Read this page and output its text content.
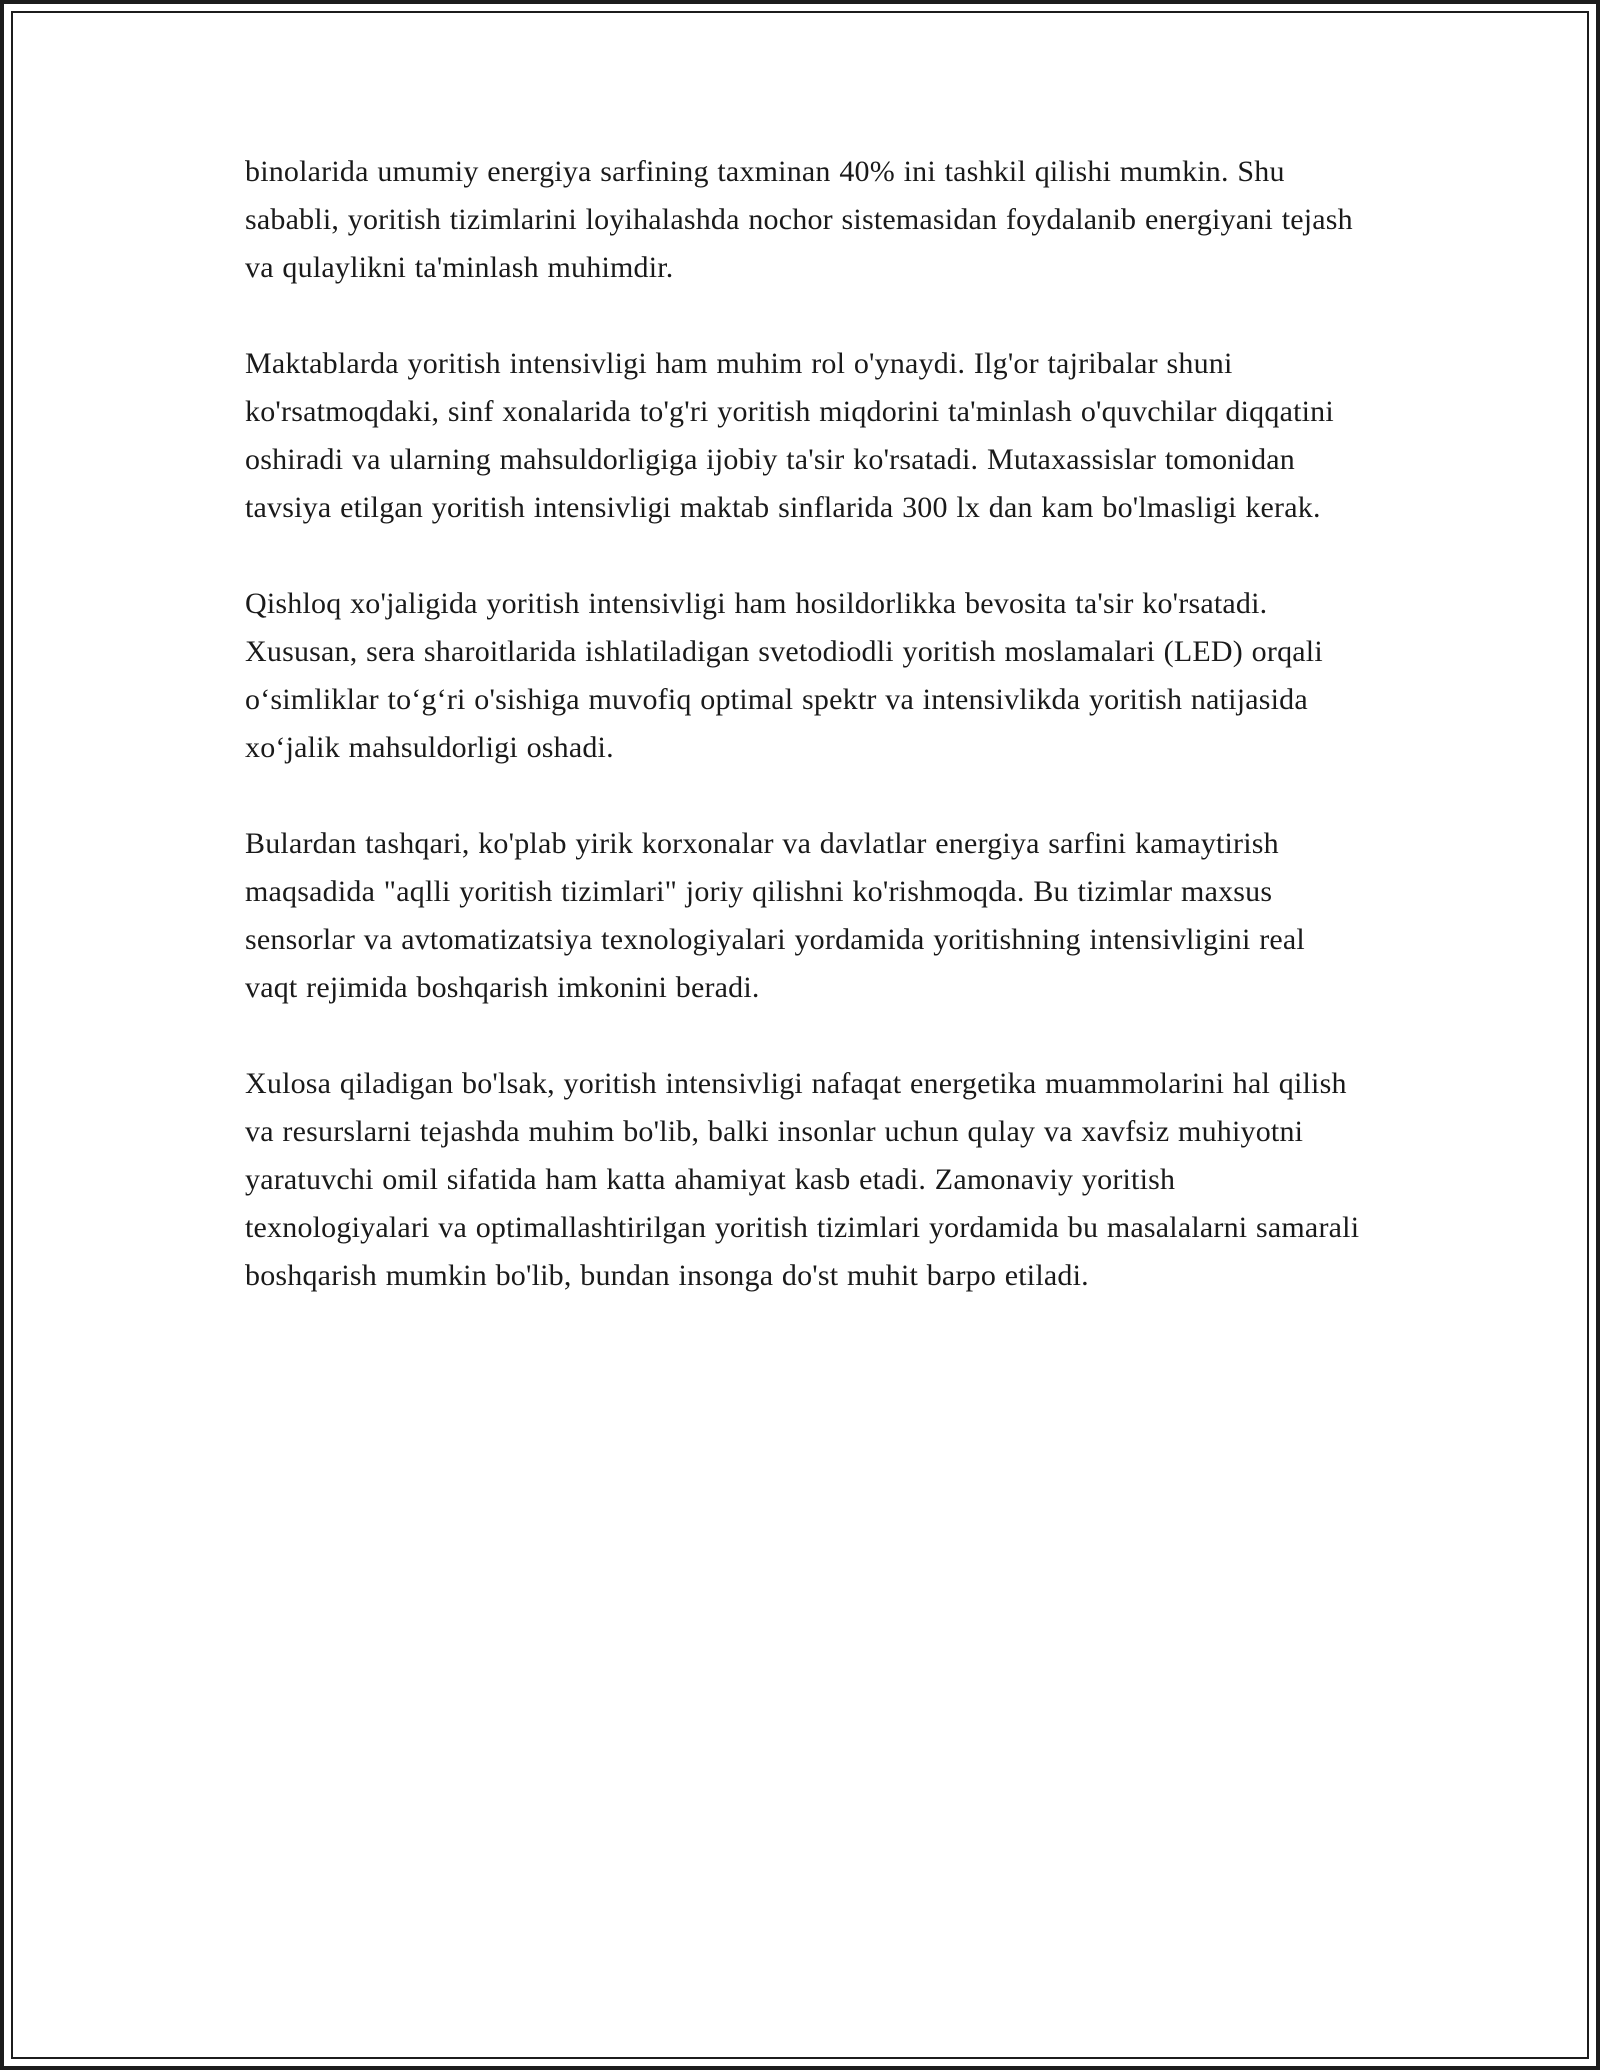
binolarida umumiy energiya sarfining taxminan 40% ini tashkil qilishi mumkin. Shu sababli, yoritish tizimlarini loyihalashda nochor sistemasidan foydalanib energiyani tejash va qulaylikni ta'minlash muhimdir.

Maktablarda yoritish intensivligi ham muhim rol o'ynaydi. Ilg'or tajribalar shuni ko'rsatmoqdaki, sinf xonalarida to'g'ri yoritish miqdorini ta'minlash o'quvchilar diqqatini oshiradi va ularning mahsuldorligiga ijobiy ta'sir ko'rsatadi. Mutaxassislar tomonidan tavsiya etilgan yoritish intensivligi maktab sinflarida 300 lx dan kam bo'lmasligi kerak.

Qishloq xo'jaligida yoritish intensivligi ham hosildorlikka bevosita ta'sir ko'rsatadi. Xususan, sera sharoitlarida ishlatiladigan svetodiodli yoritish moslamalari (LED) orqali oʻsimliklar toʻgʻri o'sishiga muvofiq optimal spektr va intensivlikda yoritish natijasida xoʻjalik mahsuldorligi oshadi.

Bulardan tashqari, ko'plab yirik korxonalar va davlatlar energiya sarfini kamaytirish maqsadida "aqlli yoritish tizimlari" joriy qilishni ko'rishmoqda. Bu tizimlar maxsus sensorlar va avtomatizatsiya texnologiyalari yordamida yoritishning intensivligini real vaqt rejimida boshqarish imkonini beradi.

Xulosa qiladigan bo'lsak, yoritish intensivligi nafaqat energetika muammolarini hal qilish va resurslarni tejashda muhim bo'lib, balki insonlar uchun qulay va xavfsiz muhiyotni yaratuvchi omil sifatida ham katta ahamiyat kasb etadi. Zamonaviy yoritish texnologiyalari va optimallashtirilgan yoritish tizimlari yordamida bu masalalarni samarali boshqarish mumkin bo'lib, bundan insonga do'st muhit barpo etiladi.
